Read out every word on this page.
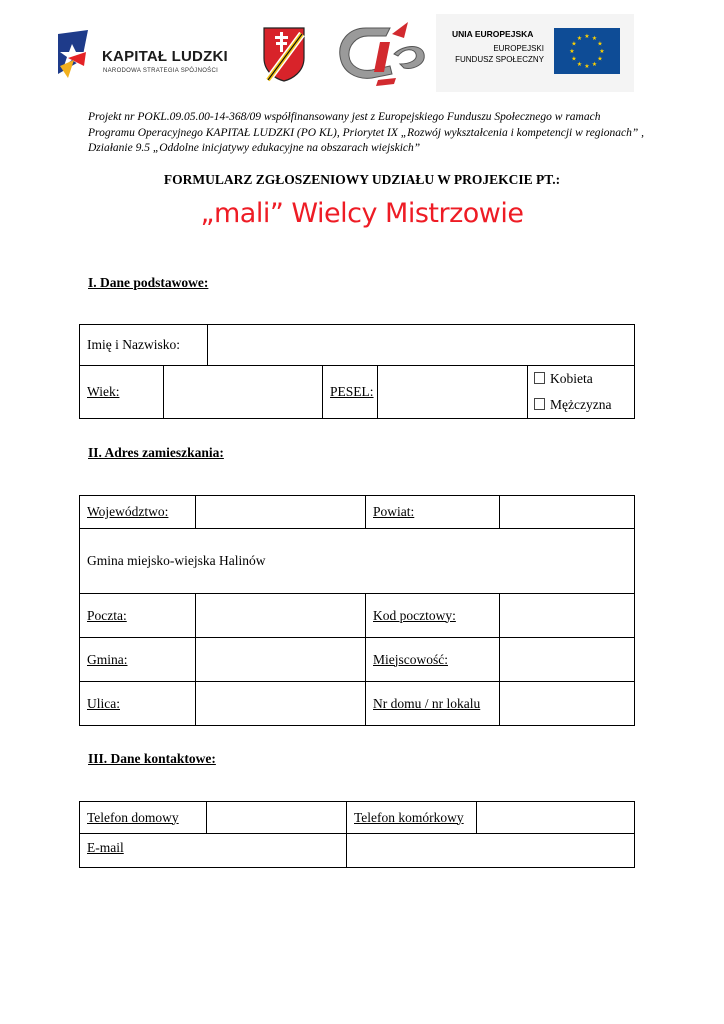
KAPITAŁ LUDZKI
NARODOWA STRATEGIA SPÓJNOŚCI
UNIA EUROPEJSKA
EUROPEJSKI
FUNDUSZ SPOŁECZNY
★ ★
★
★
★
★
★
★
★
★
★
★
Projekt nr POKL.09.05.00-14-368/09 współfinansowany jest z Europejskiego Funduszu Społecznego w ramach Programu Operacyjnego KAPITAŁ LUDZKI (PO KL), Priorytet IX „Rozwój wykształcenia i kompetencji w regionach” , Działanie 9.5 „Oddolne inicjatywy edukacyjne na obszarach wiejskich”
FORMULARZ ZGŁOSZENIOWY UDZIAŁU W PROJEKCIE PT.:
„mali” Wielcy Mistrzowie
I. Dane podstawowe:
Imię i Nazwisko:					
Wiek:			PESEL:		Kobieta
Mężczyzna
II. Adres zamieszkania:
Województwo:		Powiat:	
Gmina miejsko-wiejska Halinów			
Poczta:		Kod pocztowy:	
Gmina:		Miejscowość:	
Ulica:		Nr domu / nr lokalu	
III. Dane kontaktowe:
Telefon domowy		Telefon komórkowy	
E-mail			
